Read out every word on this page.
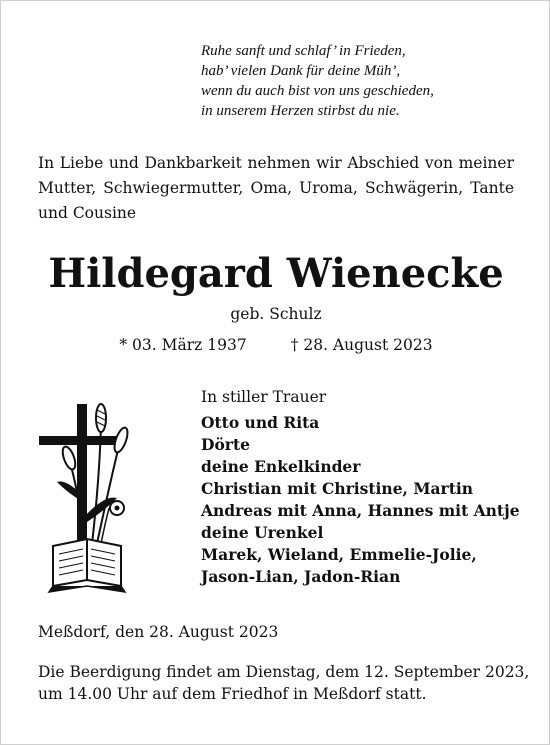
Ruhe sanft und schlaf’ in Frieden,
hab’ vielen Dank für deine Müh’,
wenn du auch bist von uns geschieden,
in unserem Herzen stirbst du nie.
In Liebe und Dankbarkeit nehmen wir Abschied von meiner Mutter, Schwiegermutter, Oma, Uroma, Schwägerin, Tante und Cousine
Hildegard Wienecke
geb. Schulz
* 03. März 1937	† 28. August 2023
In stiller Trauer
Otto und Rita
Dörte
deine Enkelkinder
Christian mit Christine, Martin
Andreas mit Anna, Hannes mit Antje
deine Urenkel
Marek, Wieland, Emmelie-Jolie,
Jason-Lian, Jadon-Rian
Meßdorf, den 28. August 2023
Die Beerdigung findet am Dienstag, dem 12. September 2023,
um 14.00 Uhr auf dem Friedhof in Meßdorf statt.
